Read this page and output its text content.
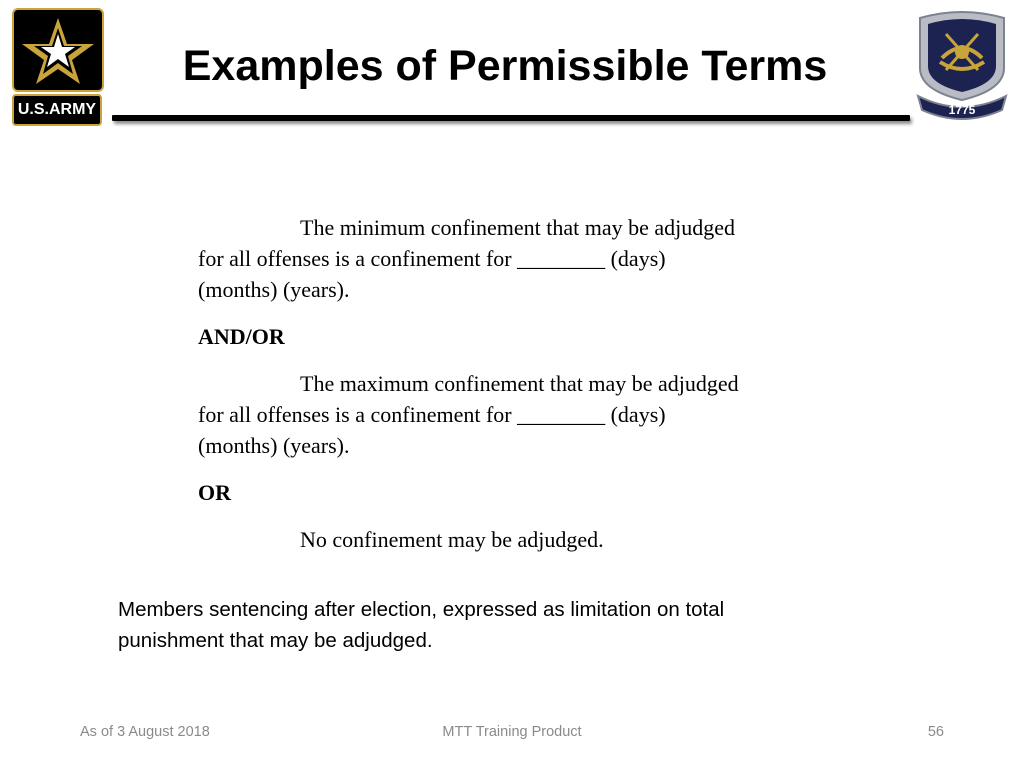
U.S.ARMY
Examples of Permissible Terms
1775

The minimum confinement that may be adjudged

for all offenses is a confinement for ________ (days)

(months) (years).

AND/OR

The maximum confinement that may be adjudged

for all offenses is a confinement for ________ (days)

(months) (years).

OR

No confinement may be adjudged.

Members sentencing after election, expressed as limitation on total
punishment that may be adjudged.
As of 3 August 2018	MTT Training Product	56
